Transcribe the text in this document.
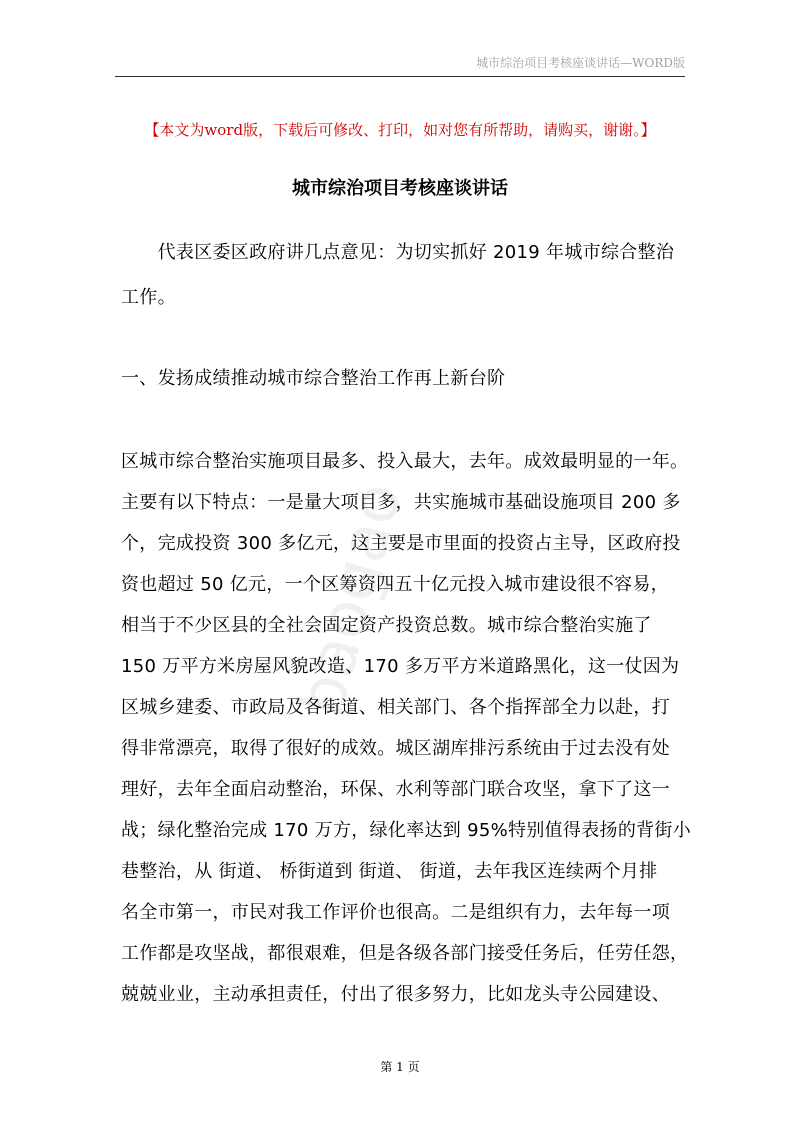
城市综治项目考核座谈讲话—WORD版
【本文为word版，下载后可修改、打印，如对您有所帮助，请购买，谢谢。】
城市综治项目考核座谈讲话
baogao
　　代表区委区政府讲几点意见：为切实抓好 2019 年城市综合整治
工作。
一、发扬成绩推动城市综合整治工作再上新台阶
区城市综合整治实施项目最多、投入最大，去年。成效最明显的一年。
主要有以下特点：一是量大项目多，共实施城市基础设施项目 200 多
个，完成投资 300 多亿元，这主要是市里面的投资占主导，区政府投
资也超过 50 亿元，一个区筹资四五十亿元投入城市建设很不容易，
相当于不少区县的全社会固定资产投资总数。城市综合整治实施了
150 万平方米房屋风貌改造、170 多万平方米道路黑化，这一仗因为
区城乡建委、市政局及各街道、相关部门、各个指挥部全力以赴，打
得非常漂亮，取得了很好的成效。城区湖库排污系统由于过去没有处
理好，去年全面启动整治，环保、水利等部门联合攻坚，拿下了这一
战；绿化整治完成 170 万方，绿化率达到 95%特别值得表扬的背街小
巷整治，从 街道、 桥街道到 街道、 街道，去年我区连续两个月排
名全市第一，市民对我工作评价也很高。二是组织有力，去年每一项
工作都是攻坚战，都很艰难，但是各级各部门接受任务后，任劳任怨，
兢兢业业，主动承担责任，付出了很多努力，比如龙头寺公园建设、
第 1 页
